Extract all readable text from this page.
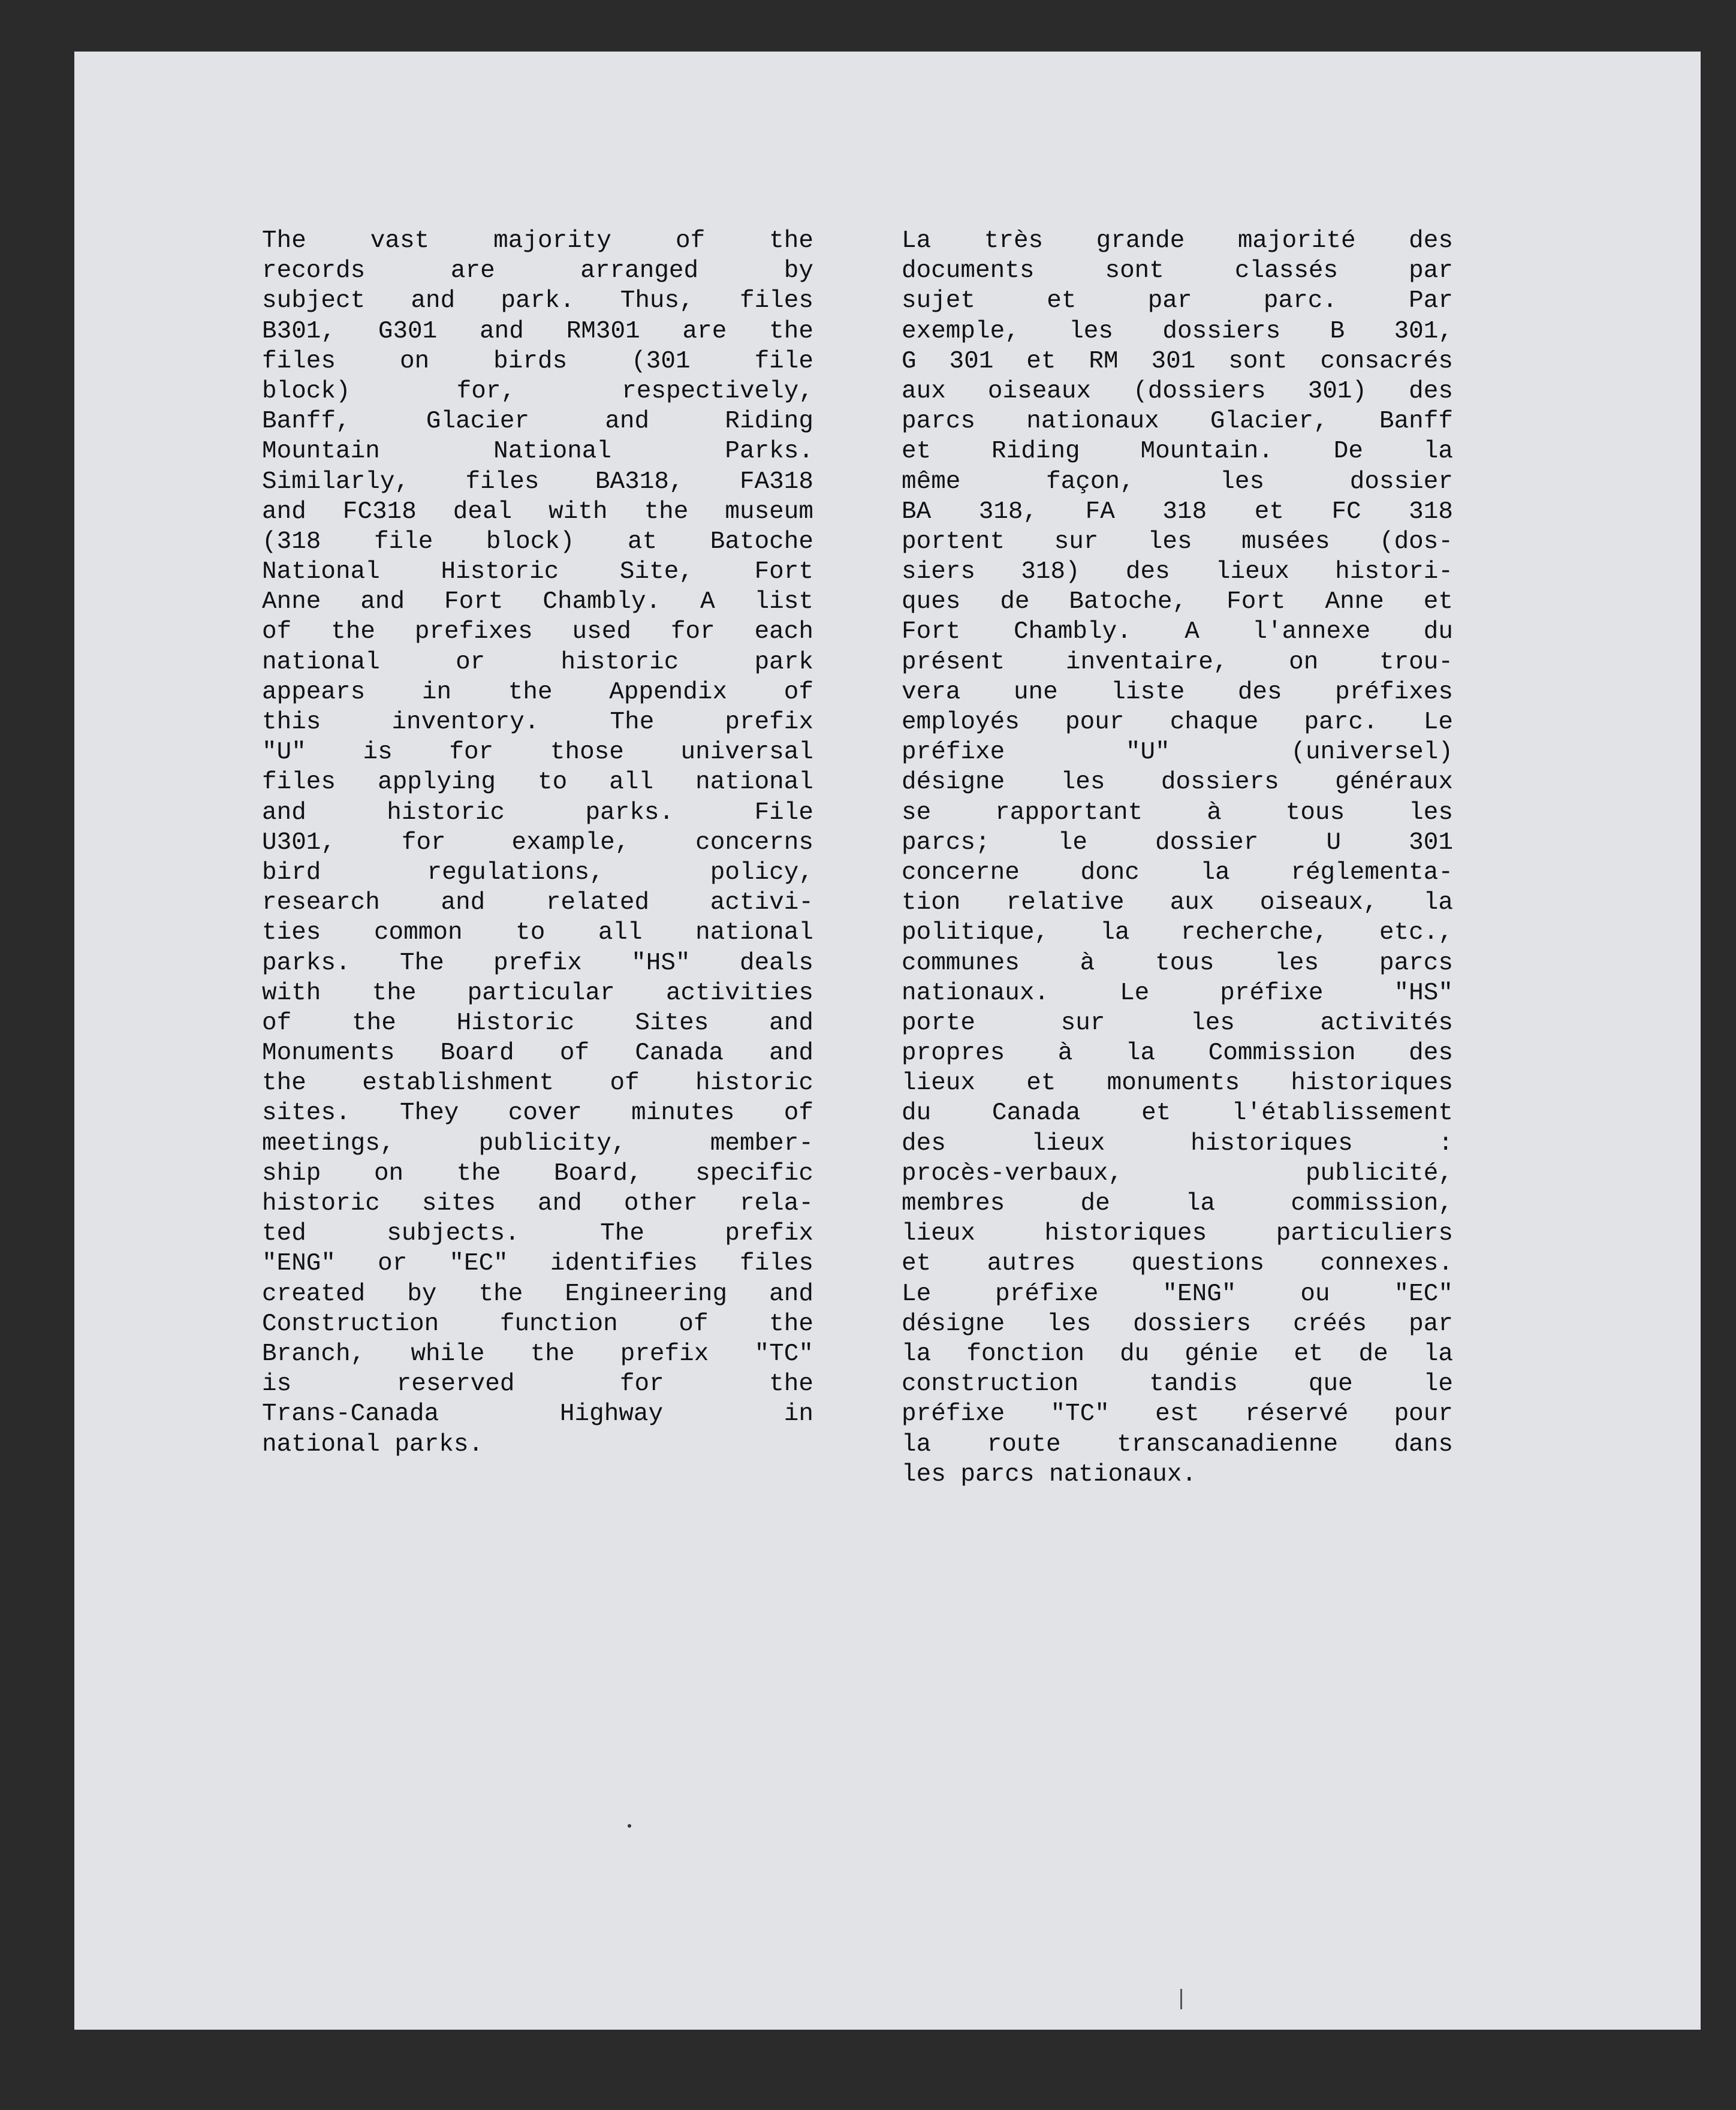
The vast majority of the
records are arranged by
subject and park. Thus, files
B301, G301 and RM301 are the
files on birds (301 file
block) for, respectively,
Banff, Glacier and Riding
Mountain National Parks.
Similarly, files BA318, FA318
and FC318 deal with the museum
(318 file block) at Batoche
National Historic Site, Fort
Anne and Fort Chambly. A list
of the prefixes used for each
national or historic park
appears in the Appendix of
this inventory. The prefix
"U" is for those universal
files applying to all national
and historic parks. File
U301, for example, concerns
bird regulations, policy,
research and related activi-
ties common to all national
parks. The prefix "HS" deals
with the particular activities
of the Historic Sites and
Monuments Board of Canada and
the establishment of historic
sites. They cover minutes of
meetings, publicity, member-
ship on the Board, specific
historic sites and other rela-
ted subjects. The prefix
"ENG" or "EC" identifies files
created by the Engineering and
Construction function of the
Branch, while the prefix "TC"
is reserved for the
Trans-Canada Highway in
national parks.
La très grande majorité des
documents sont classés par
sujet et par parc. Par
exemple, les dossiers B 301,
G 301 et RM 301 sont consacrés
aux oiseaux (dossiers 301) des
parcs nationaux Glacier, Banff
et Riding Mountain. De la
même façon, les dossier
BA 318, FA 318 et FC 318
portent sur les musées (dos-
siers 318) des lieux histori-
ques de Batoche, Fort Anne et
Fort Chambly. A l'annexe du
présent inventaire, on trou-
vera une liste des préfixes
employés pour chaque parc. Le
préfixe "U" (universel)
désigne les dossiers généraux
se rapportant à tous les
parcs; le dossier U 301
concerne donc la réglementa-
tion relative aux oiseaux, la
politique, la recherche, etc.,
communes à tous les parcs
nationaux. Le préfixe "HS"
porte sur les activités
propres à la Commission des
lieux et monuments historiques
du Canada et l'établissement
des lieux historiques :
procès-verbaux, publicité,
membres de la commission,
lieux historiques particuliers
et autres questions connexes.
Le préfixe "ENG" ou "EC"
désigne les dossiers créés par
la fonction du génie et de la
construction tandis que le
préfixe "TC" est réservé pour
la route transcanadienne dans
les parcs nationaux.
